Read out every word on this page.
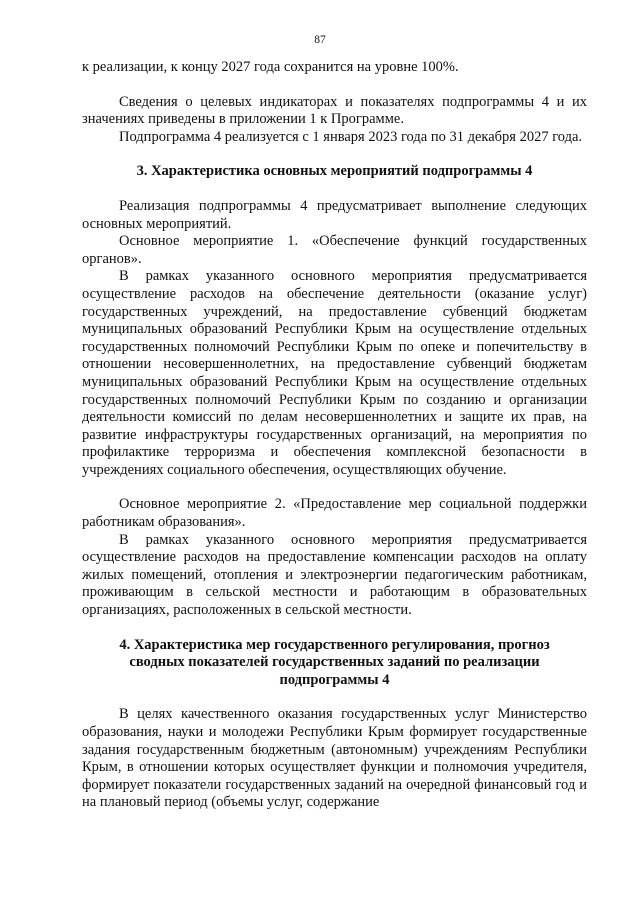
87

к реализации, к концу 2027 года сохранится на уровне 100%.

Сведения о целевых индикаторах и показателях подпрограммы 4 и их значениях приведены в приложении 1 к Программе.

Подпрограмма 4 реализуется с 1 января 2023 года по 31 декабря 2027 года.

3. Характеристика основных мероприятий подпрограммы 4

Реализация подпрограммы 4 предусматривает выполнение следующих основных мероприятий.

Основное мероприятие 1. «Обеспечение функций государственных органов».

В рамках указанного основного мероприятия предусматривается осуществление расходов на обеспечение деятельности (оказание услуг) государственных учреждений, на предоставление субвенций бюджетам муниципальных образований Республики Крым на осуществление отдельных государственных полномочий Республики Крым по опеке и попечительству в отношении несовершеннолетних, на предоставление субвенций бюджетам муниципальных образований Республики Крым на осуществление отдельных государственных полномочий Республики Крым по созданию и организации деятельности комиссий по делам несовершеннолетних и защите их прав, на развитие инфраструктуры государственных организаций, на мероприятия по профилактике терроризма и обеспечения комплексной безопасности в учреждениях социального обеспечения, осуществляющих обучение.

Основное мероприятие 2. «Предоставление мер социальной поддержки работникам образования».

В рамках указанного основного мероприятия предусматривается осуществление расходов на предоставление компенсации расходов на оплату жилых помещений, отопления и электроэнергии педагогическим работникам, проживающим в сельской местности и работающим в образовательных организациях, расположенных в сельской местности.

4. Характеристика мер государственного регулирования, прогноз

сводных показателей государственных заданий по реализации

подпрограммы 4

В целях качественного оказания государственных услуг Министерство образования, науки и молодежи Республики Крым формирует государственные задания государственным бюджетным (автономным) учреждениям Республики Крым, в отношении которых осуществляет функции и полномочия учредителя, формирует показатели государственных заданий на очередной финансовый год и на плановый период (объемы услуг, содержание
